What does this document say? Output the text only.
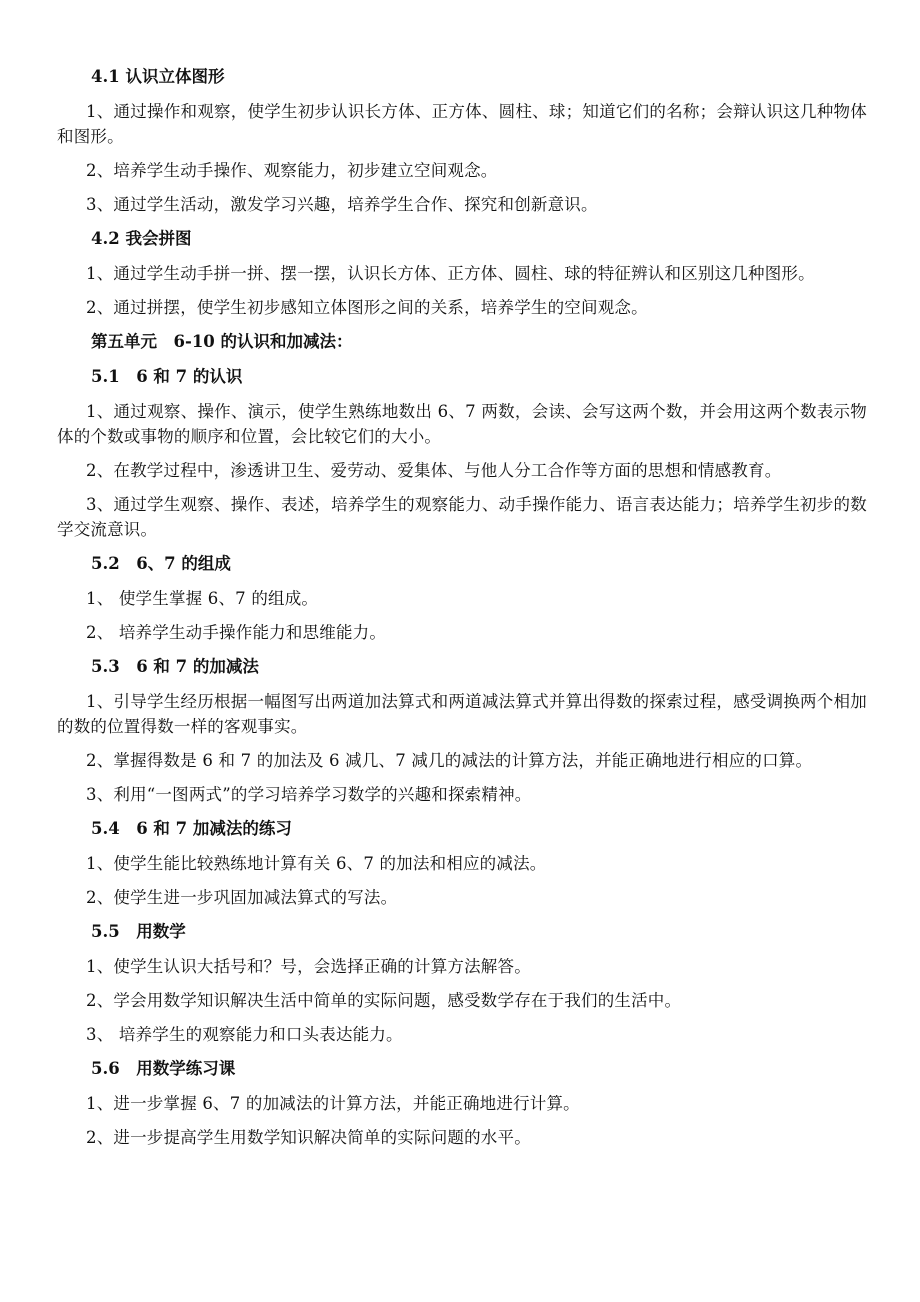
4.1 认识立体图形

1、通过操作和观察，使学生初步认识长方体、正方体、圆柱、球；知道它们的名称；会辩认识这几种物体和图形。

2、培养学生动手操作、观察能力，初步建立空间观念。

3、通过学生活动，激发学习兴趣，培养学生合作、探究和创新意识。

4.2 我会拼图

1、通过学生动手拼一拼、摆一摆，认识长方体、正方体、圆柱、球的特征辨认和区别这几种图形。

2、通过拼摆，使学生初步感知立体图形之间的关系，培养学生的空间观念。

第五单元　6-10 的认识和加减法：

5.1　6 和 7 的认识

1、通过观察、操作、演示，使学生熟练地数出 6、7 两数，会读、会写这两个数，并会用这两个数表示物体的个数或事物的顺序和位置，会比较它们的大小。

2、在教学过程中，渗透讲卫生、爱劳动、爱集体、与他人分工合作等方面的思想和情感教育。

3、通过学生观察、操作、表述，培养学生的观察能力、动手操作能力、语言表达能力；培养学生初步的数学交流意识。

5.2　6、7 的组成

1、 使学生掌握 6、7 的组成。

2、 培养学生动手操作能力和思维能力。

5.3　6 和 7 的加减法

1、引导学生经历根据一幅图写出两道加法算式和两道减法算式并算出得数的探索过程，感受调换两个相加的数的位置得数一样的客观事实。

2、掌握得数是 6 和 7 的加法及 6 减几、7 减几的减法的计算方法，并能正确地进行相应的口算。

3、利用“一图两式”的学习培养学习数学的兴趣和探索精神。

5.4　6 和 7 加减法的练习

1、使学生能比较熟练地计算有关 6、7 的加法和相应的减法。

2、使学生进一步巩固加减法算式的写法。

5.5　用数学

1、使学生认识大括号和？号，会选择正确的计算方法解答。

2、学会用数学知识解决生活中简单的实际问题，感受数学存在于我们的生活中。

3、 培养学生的观察能力和口头表达能力。

5.6　用数学练习课

1、进一步掌握 6、7 的加减法的计算方法，并能正确地进行计算。

2、进一步提高学生用数学知识解决简单的实际问题的水平。
